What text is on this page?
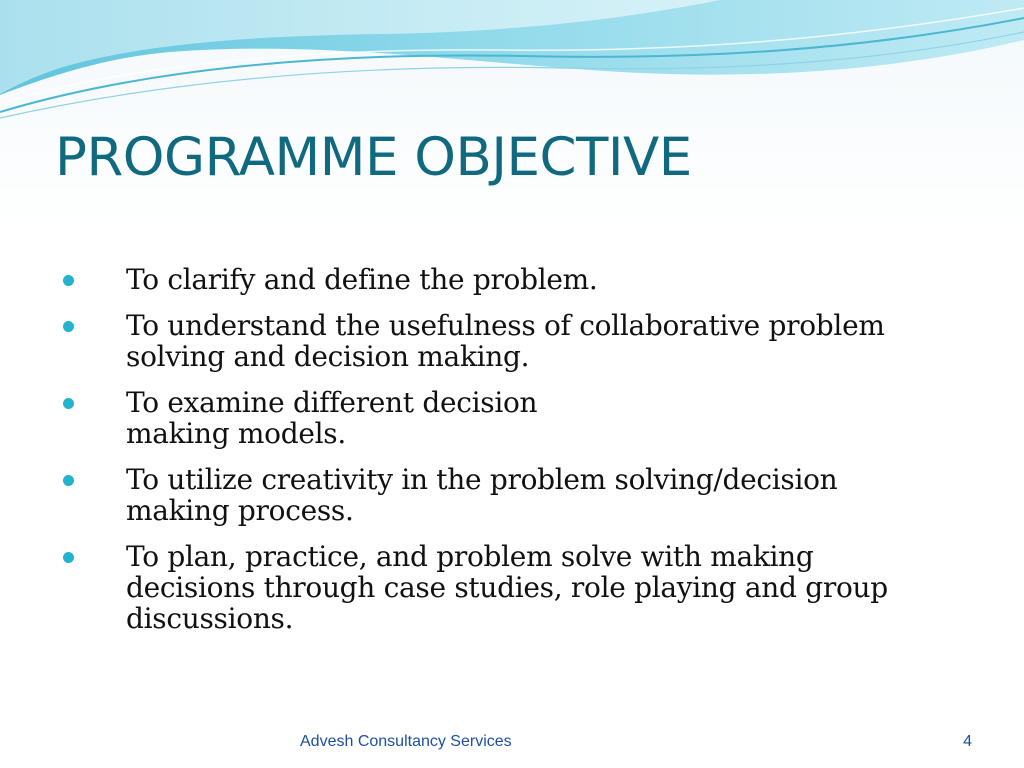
PROGRAMME OBJECTIVE
To clarify and define the problem.
To understand the usefulness of collaborative problem
solving and decision making.
To examine different decision
making models.
To utilize creativity in the problem solving/decision
making process.
To plan, practice, and problem solve with making
decisions through case studies, role playing and group
discussions.
Advesh Consultancy Services	4
